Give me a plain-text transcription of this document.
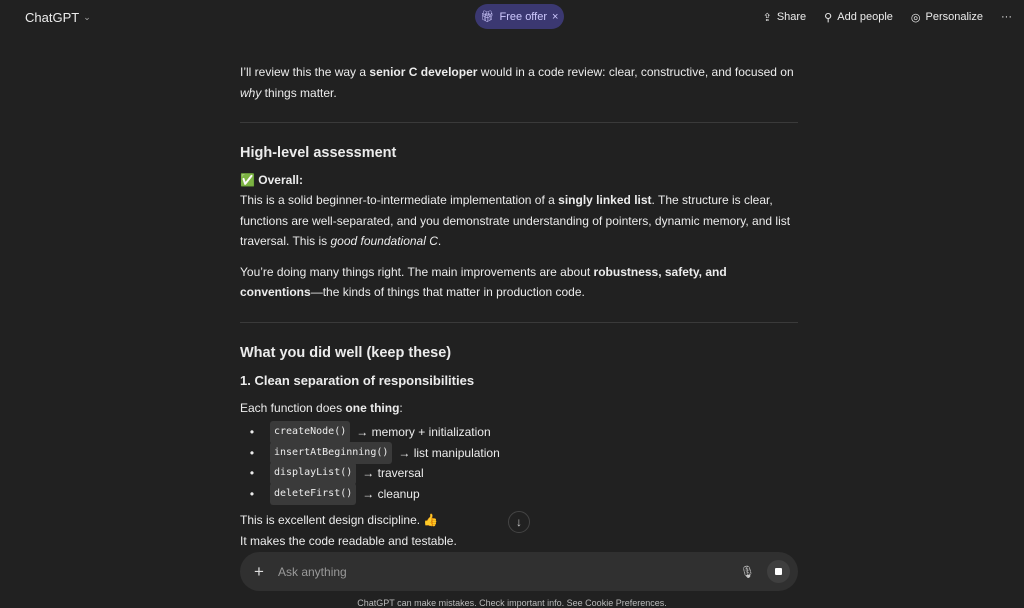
ChatGPT ⌄	🎁︎ Free offer ×	⇪ Share ⚲ Add people ◎ Personalize ···

I’ll review this the way a senior C developer would in a code review: clear, constructive, and focused on why things matter.

High-level assessment
✅ Overall:

This is a solid beginner-to-intermediate implementation of a singly linked list. The structure is clear, functions are well-separated, and you demonstrate understanding of pointers, dynamic memory, and list traversal. This is good foundational C.

You’re doing many things right. The main improvements are about robustness, safety, and conventions—the kinds of things that matter in production code.

What you did well (keep these)
1. Clean separation of responsibilities
Each function does one thing:
•	createNode() → memory + initialization
•	insertAtBeginning() → list manipulation
•	displayList() → traversal
•	deleteFirst() → cleanup
This is excellent design discipline. 👍
It makes the code readable and testable.
↓
+
Ask anything	🎙︎
ChatGPT can make mistakes. Check important info. See Cookie Preferences.
